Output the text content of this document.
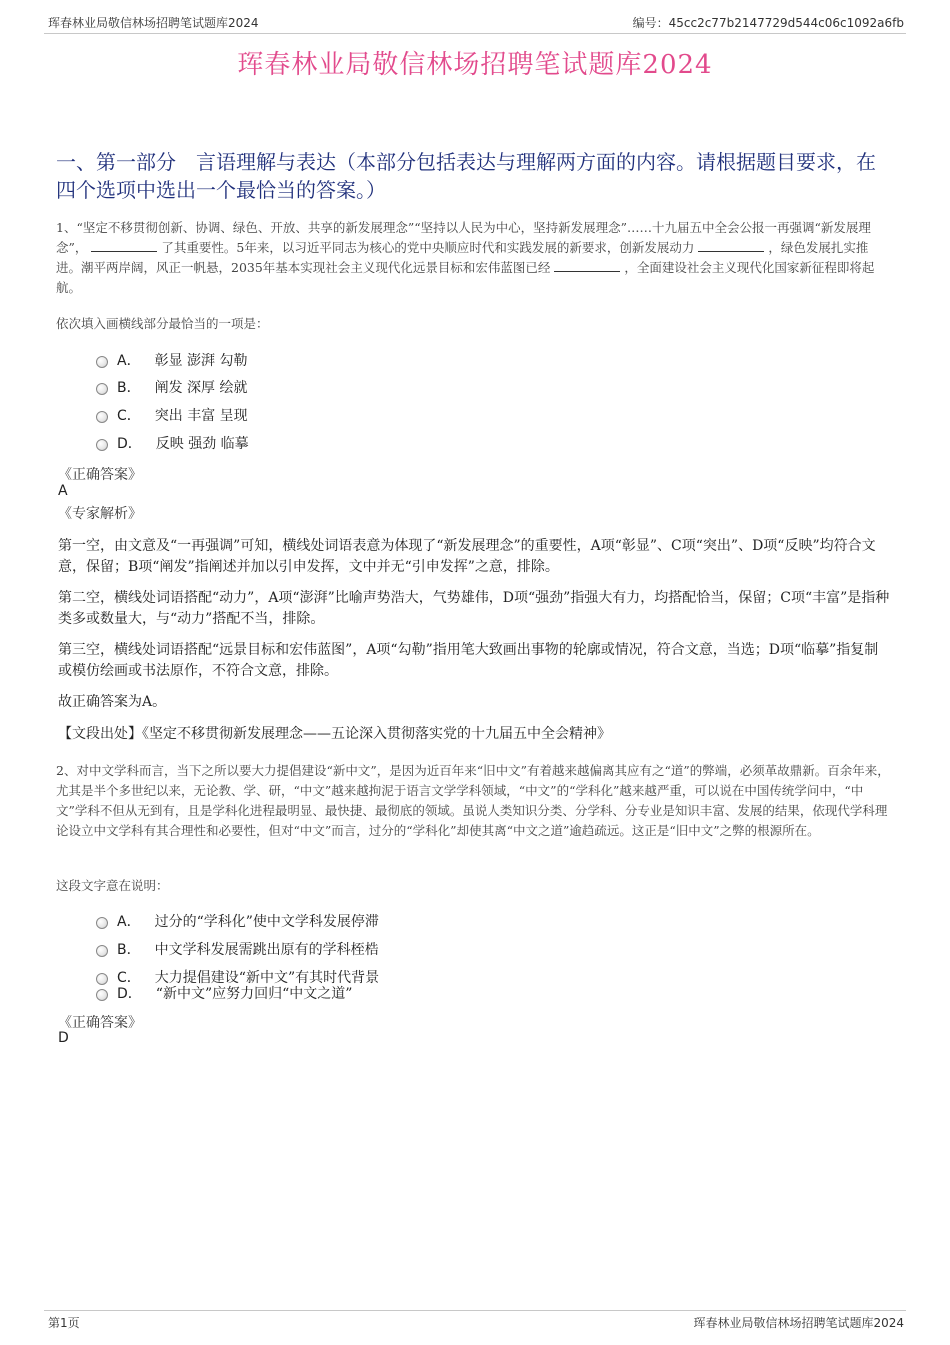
珲春林业局敬信林场招聘笔试题库2024	编号：45cc2c77b2147729d544c06c1092a6fb
珲春林业局敬信林场招聘笔试题库2024
一、第一部分　言语理解与表达（本部分包括表达与理解两方面的内容。请根据题目要求，在四个选项中选出一个最恰当的答案。）
1、“坚定不移贯彻创新、协调、绿色、开放、共享的新发展理念”“坚持以人民为中心，坚持新发展理念”……十九届五中全会公报一再强调“新发展理念”，	了其重要性。5年来，以习近平同志为核心的党中央顺应时代和实践发展的新要求，创新发展动力	，绿色发展扎实推进。潮平两岸阔，风正一帆悬，2035年基本实现社会主义现代化远景目标和宏伟蓝图已经	，全面建设社会主义现代化国家新征程即将起航。
依次填入画横线部分最恰当的一项是：
A． 彰显 澎湃 勾勒
B． 阐发 深厚 绘就
C． 突出 丰富 呈现
D． 反映 强劲 临摹
《正确答案》
A
《专家解析》
第一空，由文意及“一再强调”可知，横线处词语表意为体现了“新发展理念”的重要性，A项“彰显”、C项“突出”、D项“反映”均符合文意，保留；B项“阐发”指阐述并加以引申发挥，文中并无“引申发挥”之意，排除。
第二空，横线处词语搭配“动力”，A项“澎湃”比喻声势浩大，气势雄伟，D项“强劲”指强大有力，均搭配恰当，保留；C项“丰富”是指种类多或数量大，与“动力”搭配不当，排除。
第三空，横线处词语搭配“远景目标和宏伟蓝图”，A项“勾勒”指用笔大致画出事物的轮廓或情况，符合文意，当选；D项“临摹”指复制或模仿绘画或书法原作，不符合文意，排除。
故正确答案为A。
【文段出处】《坚定不移贯彻新发展理念——五论深入贯彻落实党的十九届五中全会精神》
2、对中文学科而言，当下之所以要大力提倡建设“新中文”，是因为近百年来“旧中文”有着越来越偏离其应有之“道”的弊端，必须革故鼎新。百余年来，尤其是半个多世纪以来，无论教、学、研，“中文”越来越拘泥于语言文学学科领域，“中文”的“学科化”越来越严重，可以说在中国传统学问中，“中文”学科不但从无到有，且是学科化进程最明显、最快捷、最彻底的领域。虽说人类知识分类、分学科、分专业是知识丰富、发展的结果，依现代学科理论设立中文学科有其合理性和必要性，但对“中文”而言，过分的“学科化”却使其离“中文之道”逾趋疏远。这正是“旧中文”之弊的根源所在。
这段文字意在说明：
A． 过分的“学科化”使中文学科发展停滞
B． 中文学科发展需跳出原有的学科桎梏
C． 大力提倡建设“新中文”有其时代背景
D． “新中文”应努力回归“中文之道”
《正确答案》
D
第1页	珲春林业局敬信林场招聘笔试题库2024
